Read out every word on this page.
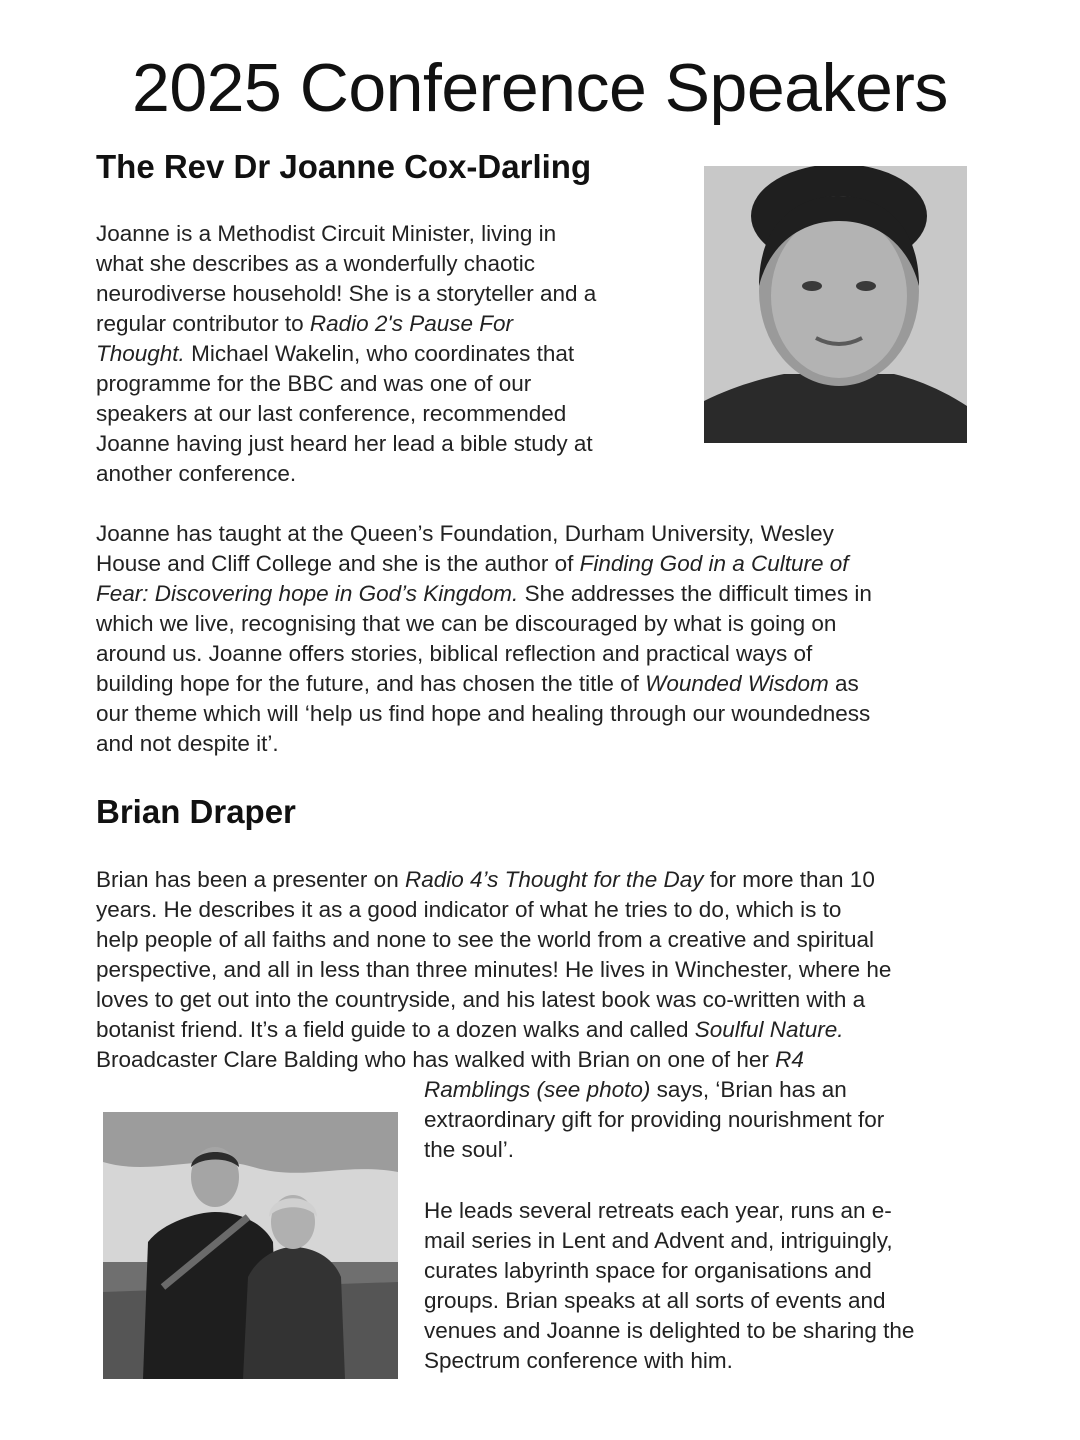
2025 Conference Speakers
The Rev Dr Joanne Cox-Darling
Joanne is a Methodist Circuit Minister, living in
what she describes as a wonderfully chaotic
neurodiverse household! She is a storyteller and a
regular contributor to Radio 2's Pause For
Thought. Michael Wakelin, who coordinates that
programme for the BBC and was one of our
speakers at our last conference, recommended
Joanne having just heard her lead a bible study at
another conference.
Joanne has taught at the Queen’s Foundation, Durham University, Wesley
House and Cliff College and she is the author of Finding God in a Culture of
Fear: Discovering hope in God’s Kingdom. She addresses the difficult times in
which we live, recognising that we can be discouraged by what is going on
around us. Joanne offers stories, biblical reflection and practical ways of
building hope for the future, and has chosen the title of Wounded Wisdom as
our theme which will ‘help us find hope and healing through our woundedness
and not despite it’.
Brian Draper
Brian has been a presenter on Radio 4’s Thought for the Day for more than 10
years. He describes it as a good indicator of what he tries to do, which is to
help people of all faiths and none to see the world from a creative and spiritual
perspective, and all in less than three minutes! He lives in Winchester, where he
loves to get out into the countryside, and his latest book was co-written with a
botanist friend. It’s a field guide to a dozen walks and called Soulful Nature.
Broadcaster Clare Balding who has walked with Brian on one of her R4
Ramblings (see photo) says, ‘Brian has an
extraordinary gift for providing nourishment for
the soul’.
He leads several retreats each year, runs an e-
mail series in Lent and Advent and, intriguingly,
curates labyrinth space for organisations and
groups. Brian speaks at all sorts of events and
venues and Joanne is delighted to be sharing the
Spectrum conference with him.
